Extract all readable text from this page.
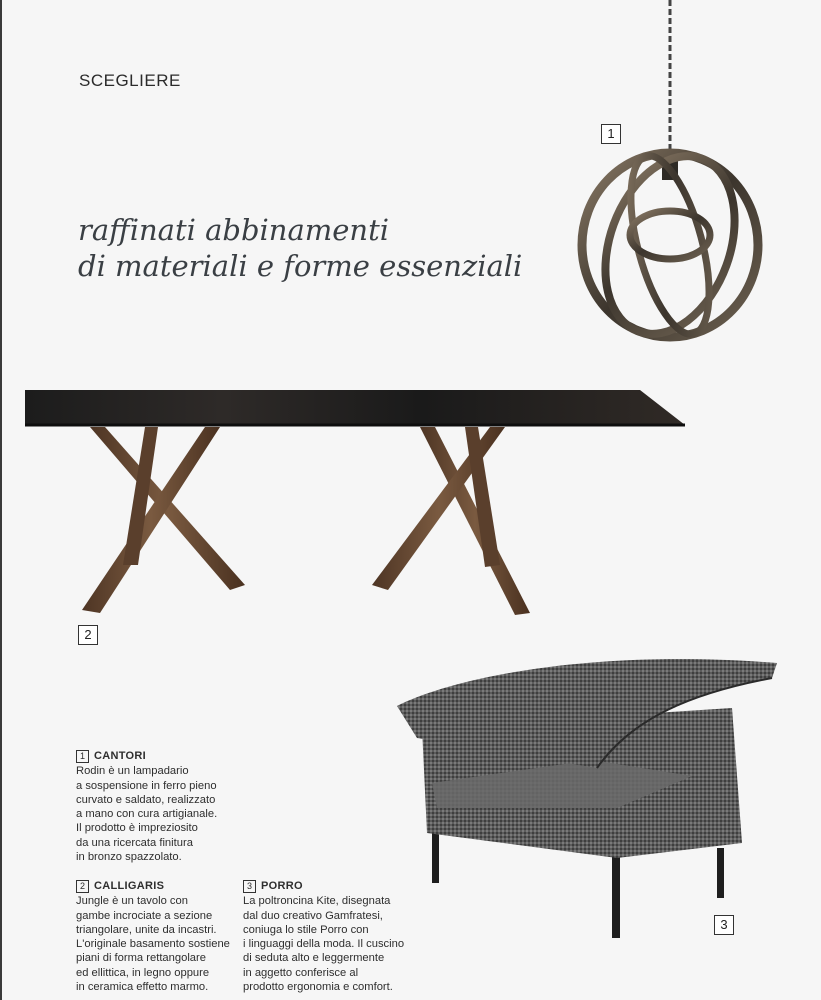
SCEGLIERE
raffinati abbinamenti
di materiali e forme essenziali
1
2
3
1 CANTORI
Rodin è un lampadario
a sospensione in ferro pieno
curvato e saldato, realizzato
a mano con cura artigianale.
Il prodotto è impreziosito
da una ricercata finitura
in bronzo spazzolato.
2 CALLIGARIS
Jungle è un tavolo con
gambe incrociate a sezione
triangolare, unite da incastri.
L'originale basamento sostiene
piani di forma rettangolare
ed ellittica, in legno oppure
in ceramica effetto marmo.
3 PORRO
La poltroncina Kite, disegnata
dal duo creativo Gamfratesi,
coniuga lo stile Porro con
i linguaggi della moda. Il cuscino
di seduta alto e leggermente
in aggetto conferisce al
prodotto ergonomia e comfort.
